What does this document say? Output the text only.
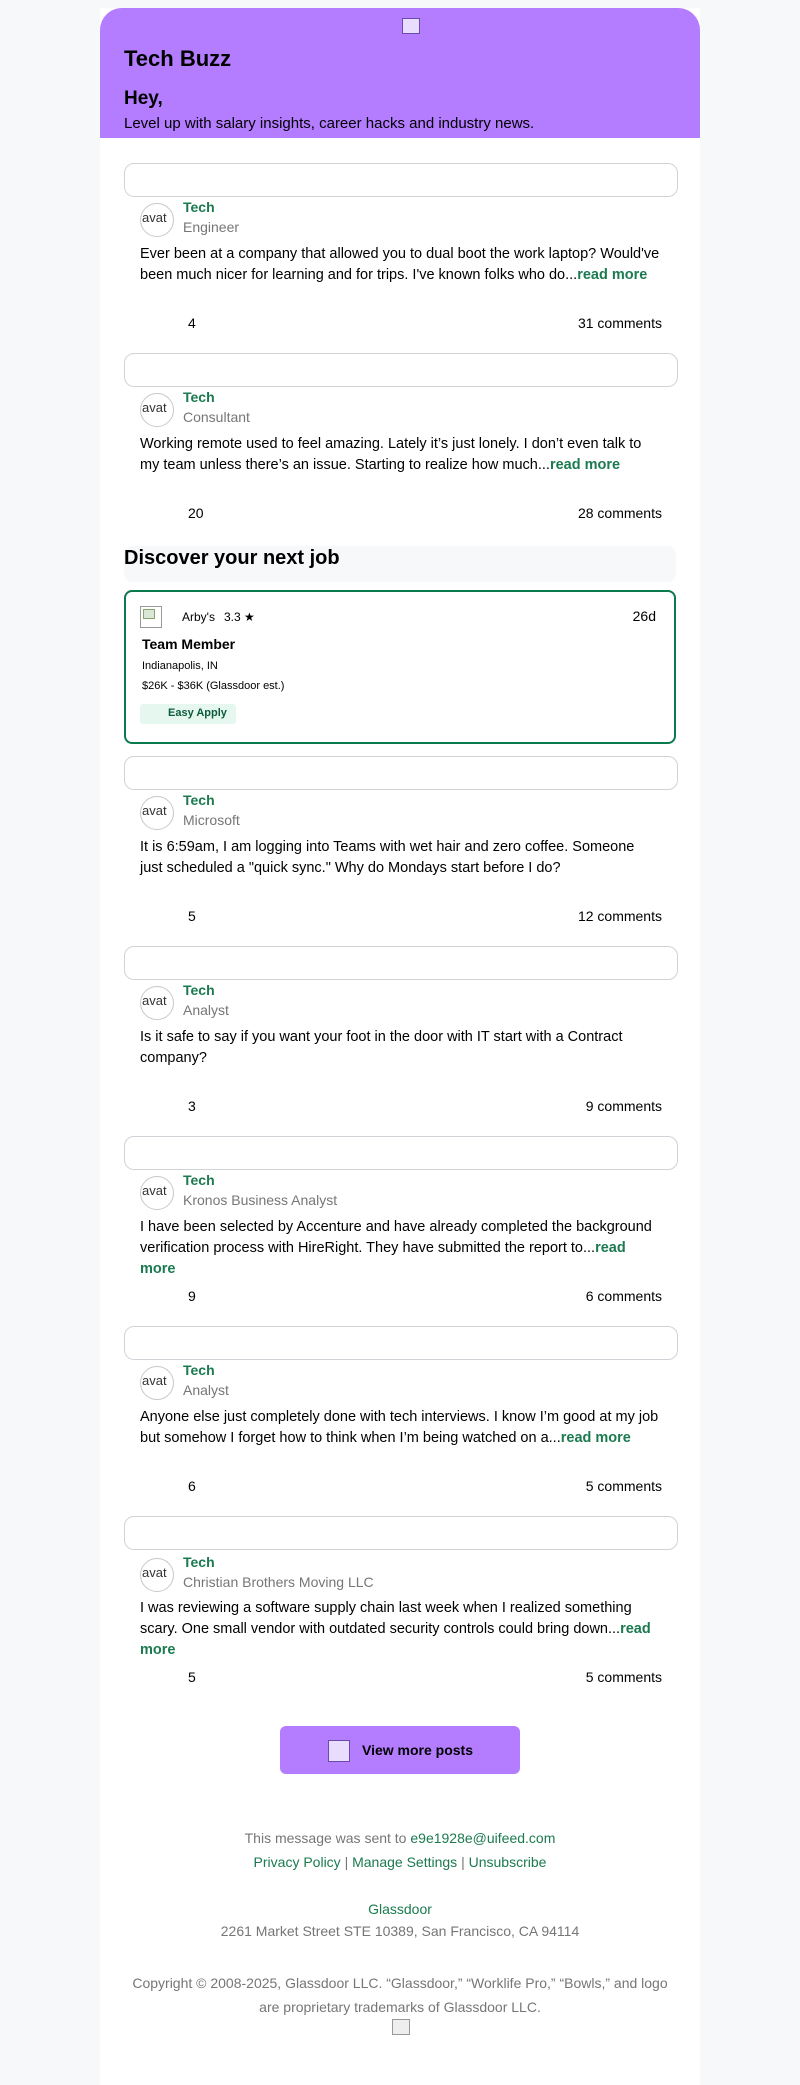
Tech Buzz
Hey,
Level up with salary insights, career hacks and industry news.
avat
Tech
Engineer
Ever been at a company that allowed you to dual boot the work laptop? Would've been much nicer for learning and for trips. I've known folks who do...read more
4	31 comments
avat
Tech
Consultant
Working remote used to feel amazing. Lately it’s just lonely. I don’t even talk to my team unless there’s an issue. Starting to realize how much...read more
20	28 comments
Discover your next job
Arby's 3.3 ★	26d
Team Member
Indianapolis, IN
$26K - $36K (Glassdoor est.)
Easy Apply
avat
Tech
Microsoft
It is 6:59am, I am logging into Teams with wet hair and zero coffee. Someone just scheduled a "quick sync." Why do Mondays start before I do?
5	12 comments
avat
Tech
Analyst
Is it safe to say if you want your foot in the door with IT start with a Contract company?
3	9 comments
avat
Tech
Kronos Business Analyst
I have been selected by Accenture and have already completed the background verification process with HireRight. They have submitted the report to...read more
9	6 comments
avat
Tech
Analyst
Anyone else just completely done with tech interviews. I know I’m good at my job but somehow I forget how to think when I’m being watched on a...read more
6	5 comments
avat
Tech
Christian Brothers Moving LLC
I was reviewing a software supply chain last week when I realized something scary. One small vendor with outdated security controls could bring down...read more
5	5 comments
View more posts
This message was sent to e9e1928e@uifeed.com
Privacy Policy | Manage Settings | Unsubscribe
Glassdoor
2261 Market Street STE 10389, San Francisco, CA 94114
Copyright © 2008-2025, Glassdoor LLC. “Glassdoor,” “Worklife Pro,” “Bowls,” and logo are proprietary trademarks of Glassdoor LLC.
